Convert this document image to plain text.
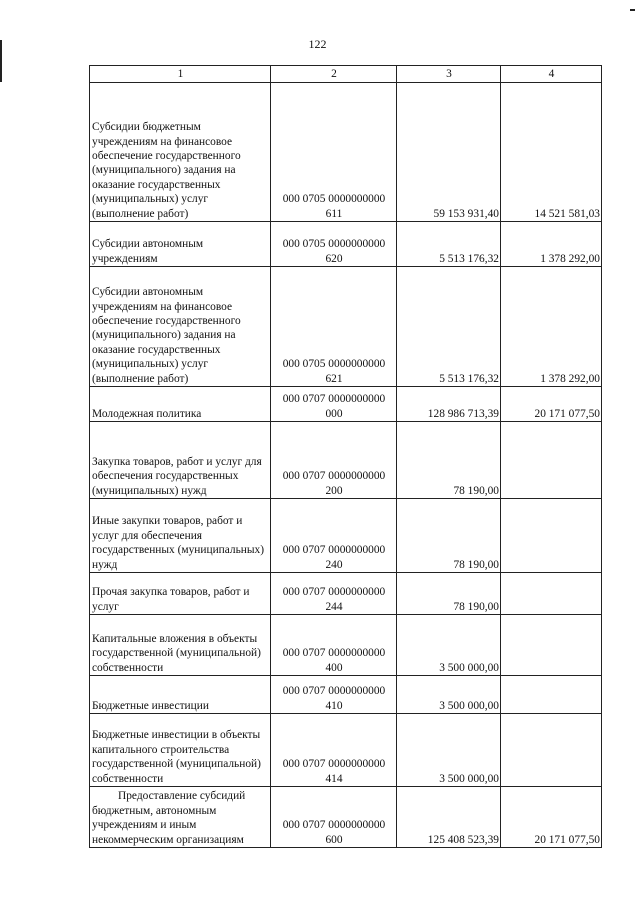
122
1	2	3	4
Субсидии бюджетным учреждениям на финансовое обеспечение государственного (муниципального) задания на оказание государственных (муниципальных) услуг (выполнение работ)	000 0705 0000000000 611	59 153 931,40	14 521 581,03
Субсидии автономным учреждениям	000 0705 0000000000 620	5 513 176,32	1 378 292,00
Субсидии автономным учреждениям на финансовое обеспечение государственного (муниципального) задания на оказание государственных (муниципальных) услуг (выполнение работ)	000 0705 0000000000 621	5 513 176,32	1 378 292,00
Молодежная политика	000 0707 0000000000 000	128 986 713,39	20 171 077,50
Закупка товаров, работ и услуг для обеспечения государственных (муниципальных) нужд	000 0707 0000000000 200	78 190,00	
Иные закупки товаров, работ и услуг для обеспечения государственных (муниципальных) нужд	000 0707 0000000000 240	78 190,00	
Прочая закупка товаров, работ и услуг	000 0707 0000000000 244	78 190,00	
Капитальные вложения в объекты государственной (муниципальной) собственности	000 0707 0000000000 400	3 500 000,00	
Бюджетные инвестиции	000 0707 0000000000 410	3 500 000,00	
Бюджетные инвестиции в объекты капитального строительства государственной (муниципальной) собственности	000 0707 0000000000 414	3 500 000,00	
Предоставление субсидий бюджетным, автономным учреждениям и иным некоммерческим организациям	000 0707 0000000000 600	125 408 523,39	20 171 077,50
